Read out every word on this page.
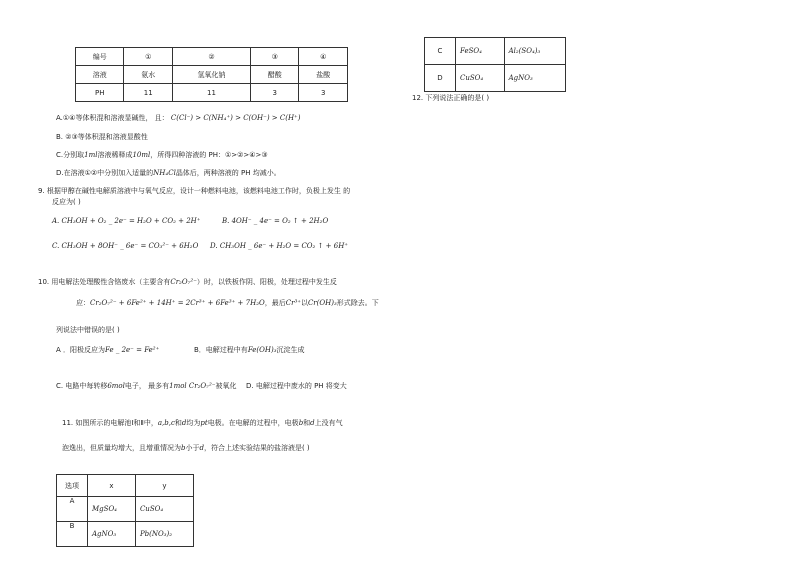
编号	①	②	③	④
溶液	氨水	氢氧化钠	醋酸	盐酸
PH	11	11	3	3
A.①④等体积混和溶液显碱性， 且： C(Cl⁻) > C(NH₄⁺) > C(OH⁻) > C(H⁺)
B. ②③等体积混和溶液显酸性
C.分别取1ml溶液稀释成10ml，所得四种溶液的 PH：①>②>④>③
D.在溶液①②中分别加入适量的NH₄Cl晶体后，两种溶液的 PH 均减小。
C	FeSO₄	Al₂(SO₄)₃
D	CuSO₄	AgNO₃
12. 下列说法正确的是( )
9. 根据甲醇在碱性电解质溶液中与氧气反应，设计一种燃料电池，该燃料电池工作时，负极上发生 的
反应为( )
A. CH₃OH + O₂ _ 2e⁻ = H₂O + CO₂ + 2H⁺	B. 4OH⁻ _ 4e⁻ = O₂ ↑ + 2H₂O
C. CH₃OH + 8OH⁻ _ 6e⁻ = CO₃²⁻ + 6H₂O D. CH₃OH _ 6e⁻ + H₂O = CO₂ ↑ + 6H⁺
10. 用电解法处理酸性含铬废水（主要含有Cr₂O₇²⁻）时，以铁板作阴、阳极，处理过程中发生反
应：Cr₂O₇²⁻ + 6Fe²⁺ + 14H⁺ = 2Cr³⁺ + 6Fe³⁺ + 7H₂O，最后Cr³⁺以Cr(OH)₃形式除去。下
列说法中错误的是( )
A ．阳极反应为Fe _ 2e⁻ = Fe²⁺	B．电解过程中有Fe(OH)₃沉淀生成
C. 电路中每转移6mol电子， 最多有1mol Cr₂O₇²⁻被氧化 D. 电解过程中废水的 PH 将变大
11. 如图所示的电解池Ⅰ和Ⅱ中，a,b,c和d均为pt电极。在电解的过程中，电极b和d上没有气
泡逸出，但质量均增大，且增重情况为b小于d，符合上述实验结果的盐溶液是( )
选项	x	y
A	MgSO₄	CuSO₄
B	AgNO₃	Pb(NO₃)₂
